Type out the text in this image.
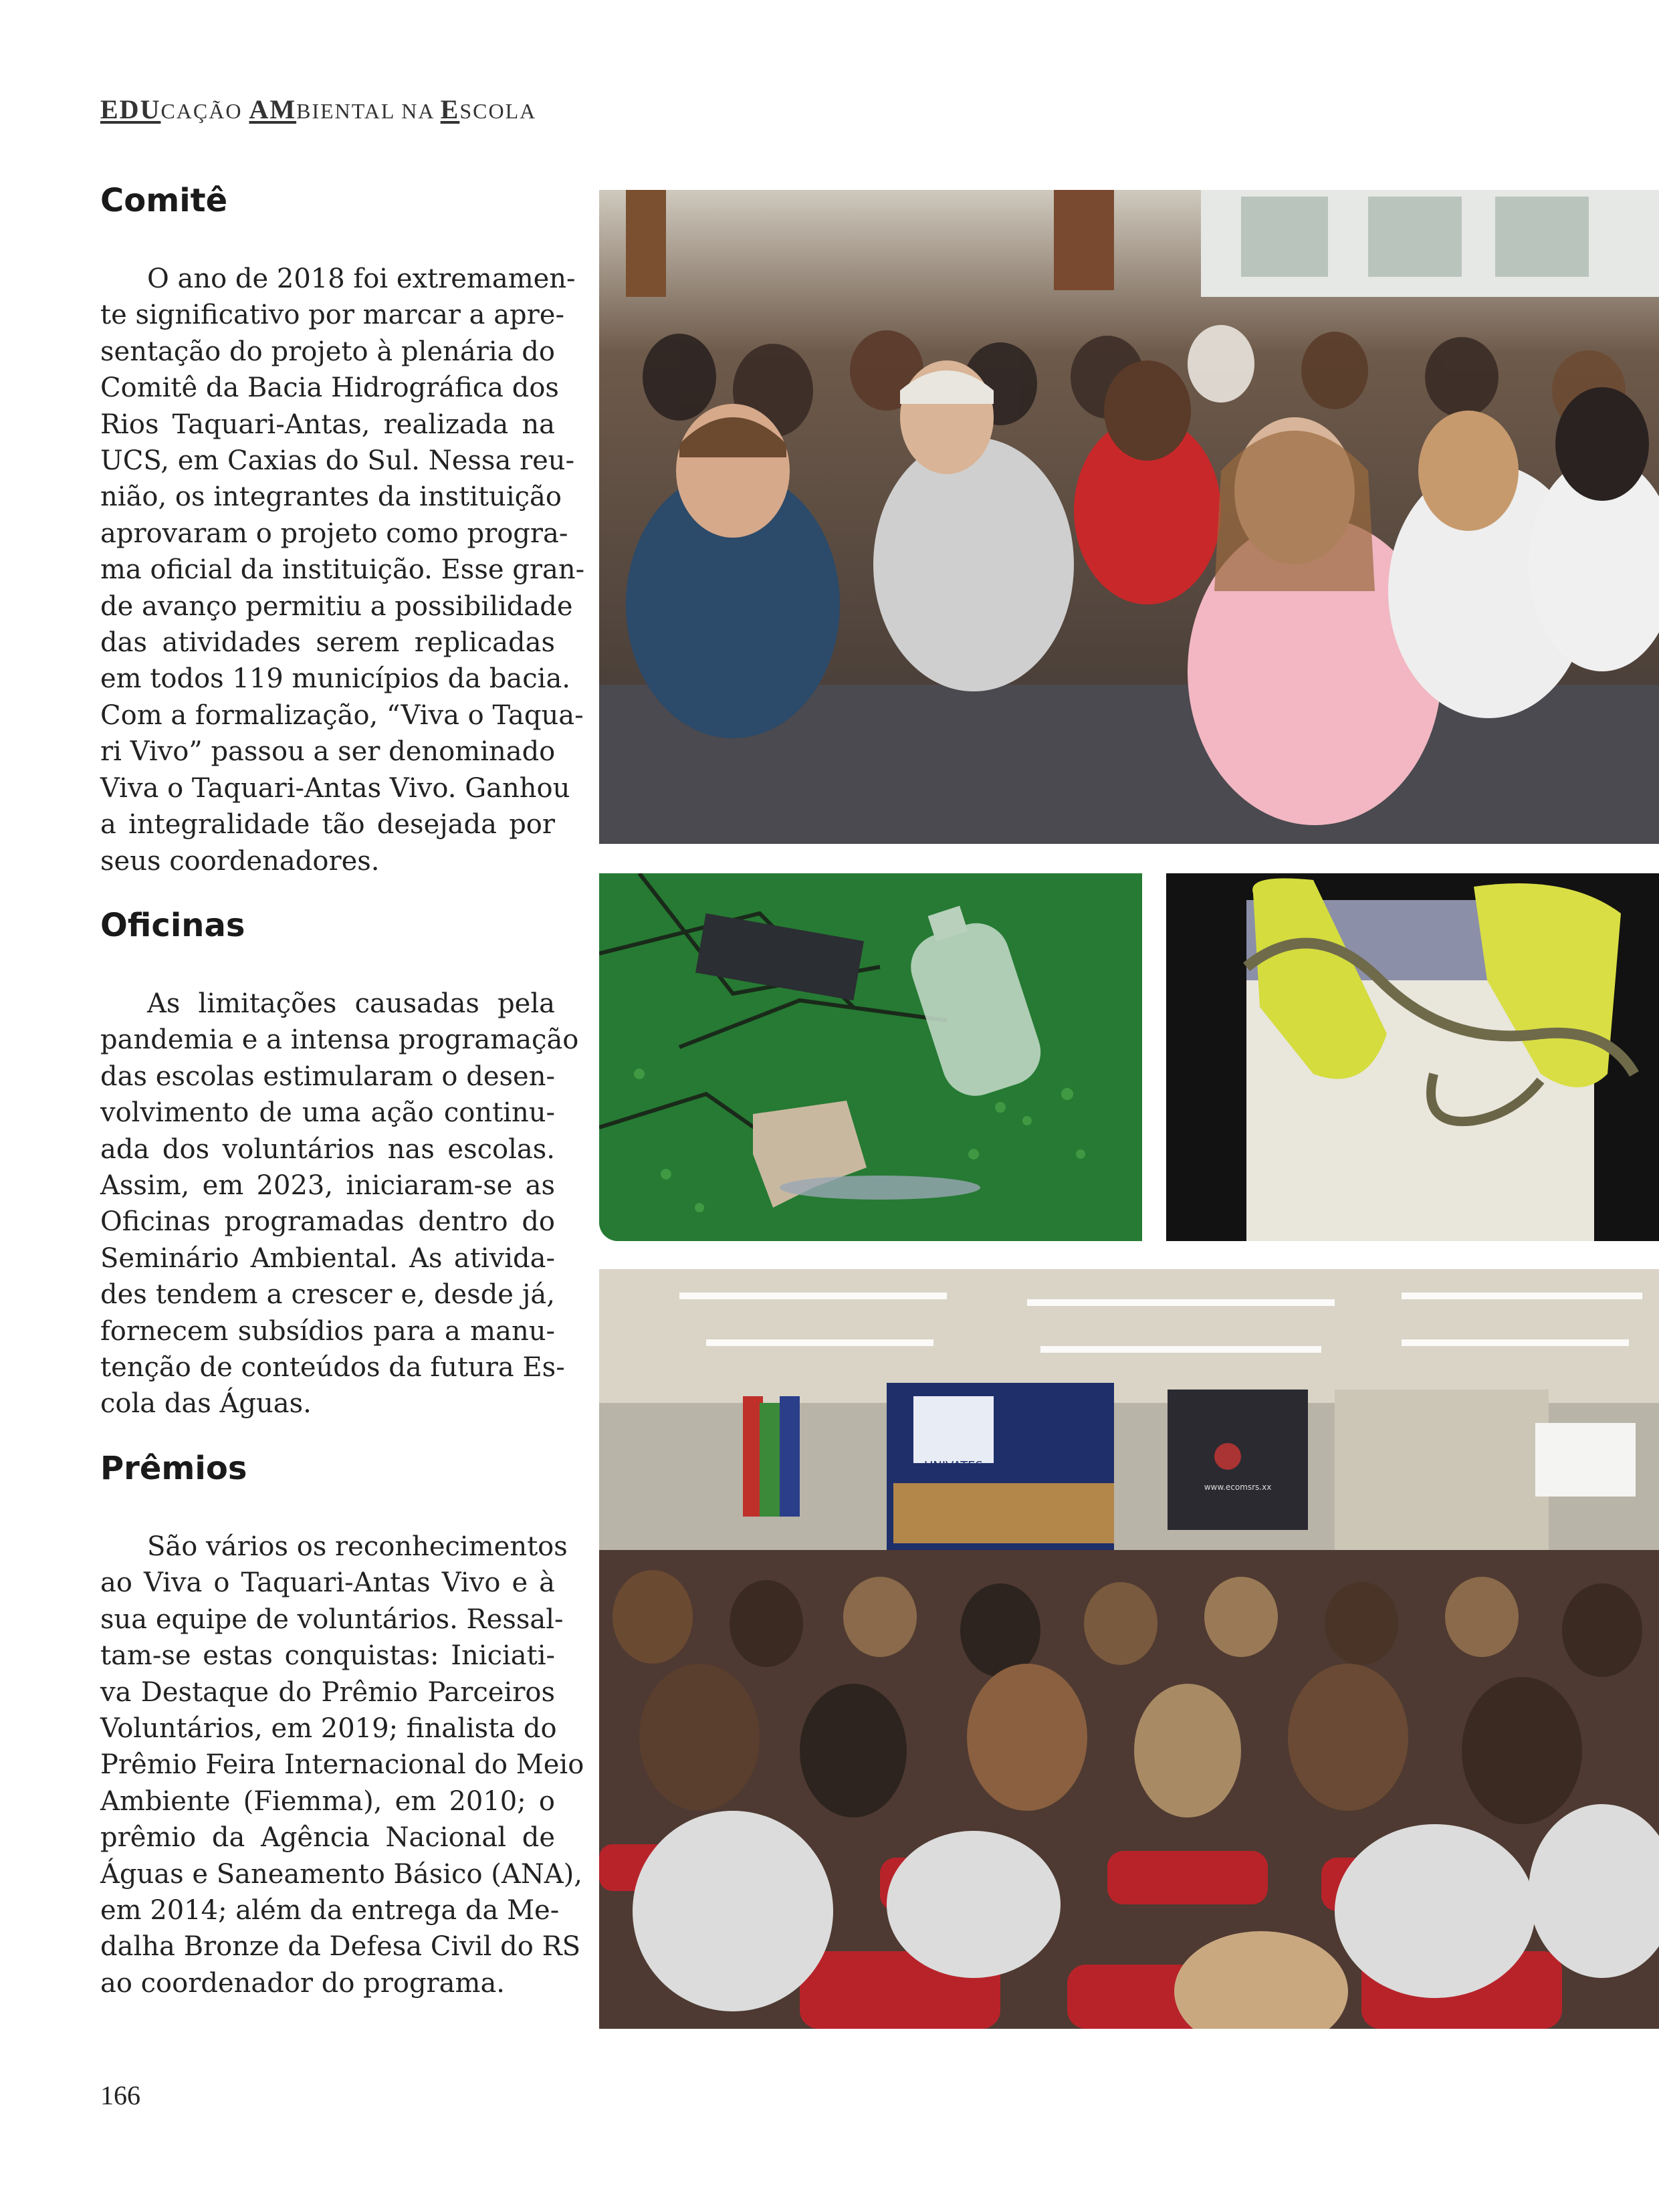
EDUCAÇÃO AMBIENTAL NA ESCOLA
Comitê

O ano de 2018 foi extremamen-
te significativo por marcar a apre-
sentação do projeto à plenária do
Comitê da Bacia Hidrográfica dos
Rios Taquari-Antas, realizada na
UCS, em Caxias do Sul. Nessa reu-
nião, os integrantes da instituição
aprovaram o projeto como progra-
ma oficial da instituição. Esse gran-
de avanço permitiu a possibilidade
das atividades serem replicadas
em todos 119 municípios da bacia.
Com a formalização, “Viva o Taqua-
ri Vivo” passou a ser denominado
Viva o Taquari-Antas Vivo. Ganhou
a integralidade tão desejada por
seus coordenadores.

Oficinas

As limitações causadas pela
pandemia e a intensa programação
das escolas estimularam o desen-
volvimento de uma ação continu-
ada dos voluntários nas escolas.
Assim, em 2023, iniciaram-se as
Oficinas programadas dentro do
Seminário Ambiental. As ativida-
des tendem a crescer e, desde já,
fornecem subsídios para a manu-
tenção de conteúdos da futura Es-
cola das Águas.

Prêmios

São vários os reconhecimentos
ao Viva o Taquari-Antas Vivo e à
sua equipe de voluntários. Ressal-
tam-se estas conquistas: Iniciati-
va Destaque do Prêmio Parceiros
Voluntários, em 2019; finalista do
Prêmio Feira Internacional do Meio
Ambiente (Fiemma), em 2010; o
prêmio da Agência Nacional de
Águas e Saneamento Básico (ANA),
em 2014; além da entrega da Me-
dalha Bronze da Defesa Civil do RS
ao coordenador do programa.

166
UNIVATES
www.ecomsrs.xx
